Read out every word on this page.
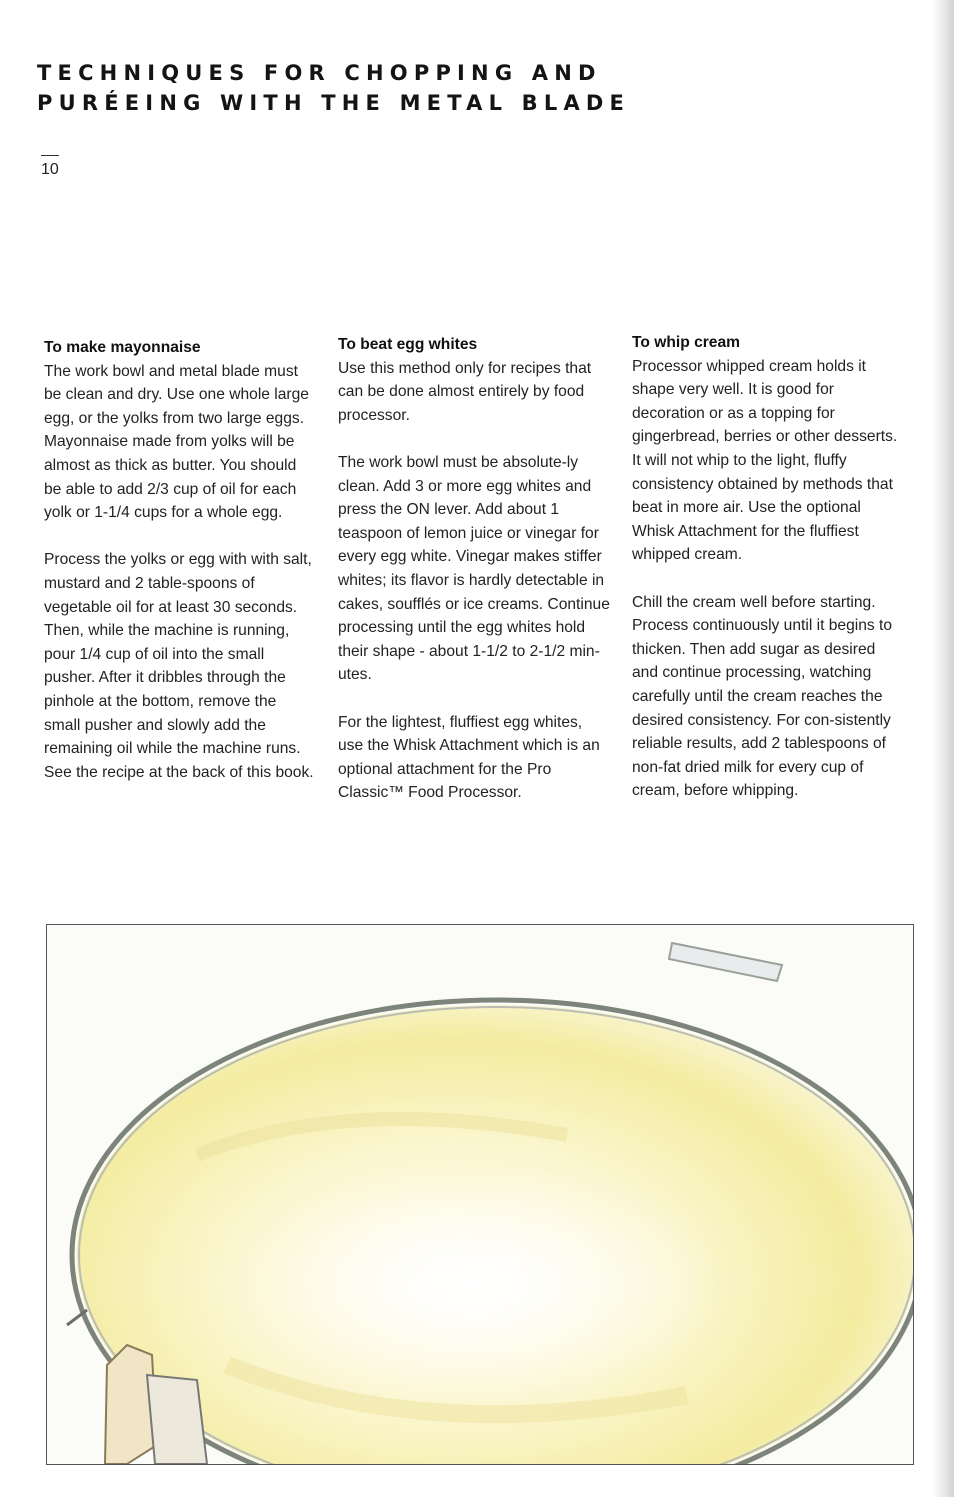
TECHNIQUES FOR CHOPPING AND
PURÉEING WITH THE METAL BLADE
10
To make mayonnaise

The work bowl and metal blade must be clean and dry. Use one whole large egg, or the yolks from two large eggs. Mayonnaise made from yolks will be almost as thick as butter. You should be able to add 2/3 cup of oil for each yolk or 1-1/4 cups for a whole egg.

Process the yolks or egg with with salt, mustard and 2 table-spoons of vegetable oil for at least 30 seconds. Then, while the machine is running, pour 1/4 cup of oil into the small pusher. After it dribbles through the pinhole at the bottom, remove the small pusher and slowly add the remaining oil while the machine runs. See the recipe at the back of this book.

To beat egg whites

Use this method only for recipes that can be done almost entirely by food processor.

The work bowl must be absolute-ly clean. Add 3 or more egg whites and press the ON lever. Add about 1 teaspoon of lemon juice or vinegar for every egg white. Vinegar makes stiffer whites; its flavor is hardly detectable in cakes, soufflés or ice creams. Continue processing until the egg whites hold their shape - about 1-1/2 to 2-1/2 min-utes.

For the lightest, fluffiest egg whites, use the Whisk Attachment which is an optional attachment for the Pro Classic™ Food Processor.

To whip cream

Processor whipped cream holds it shape very well. It is good for decoration or as a topping for gingerbread, berries or other desserts. It will not whip to the light, fluffy consistency obtained by methods that beat in more air. Use the optional Whisk Attachment for the fluffiest whipped cream.

Chill the cream well before starting. Process continuously until it begins to thicken. Then add sugar as desired and continue processing, watching carefully until the cream reaches the desired consistency. For con-sistently reliable results, add 2 tablespoons of non-fat dried milk for every cup of cream, before whipping.
